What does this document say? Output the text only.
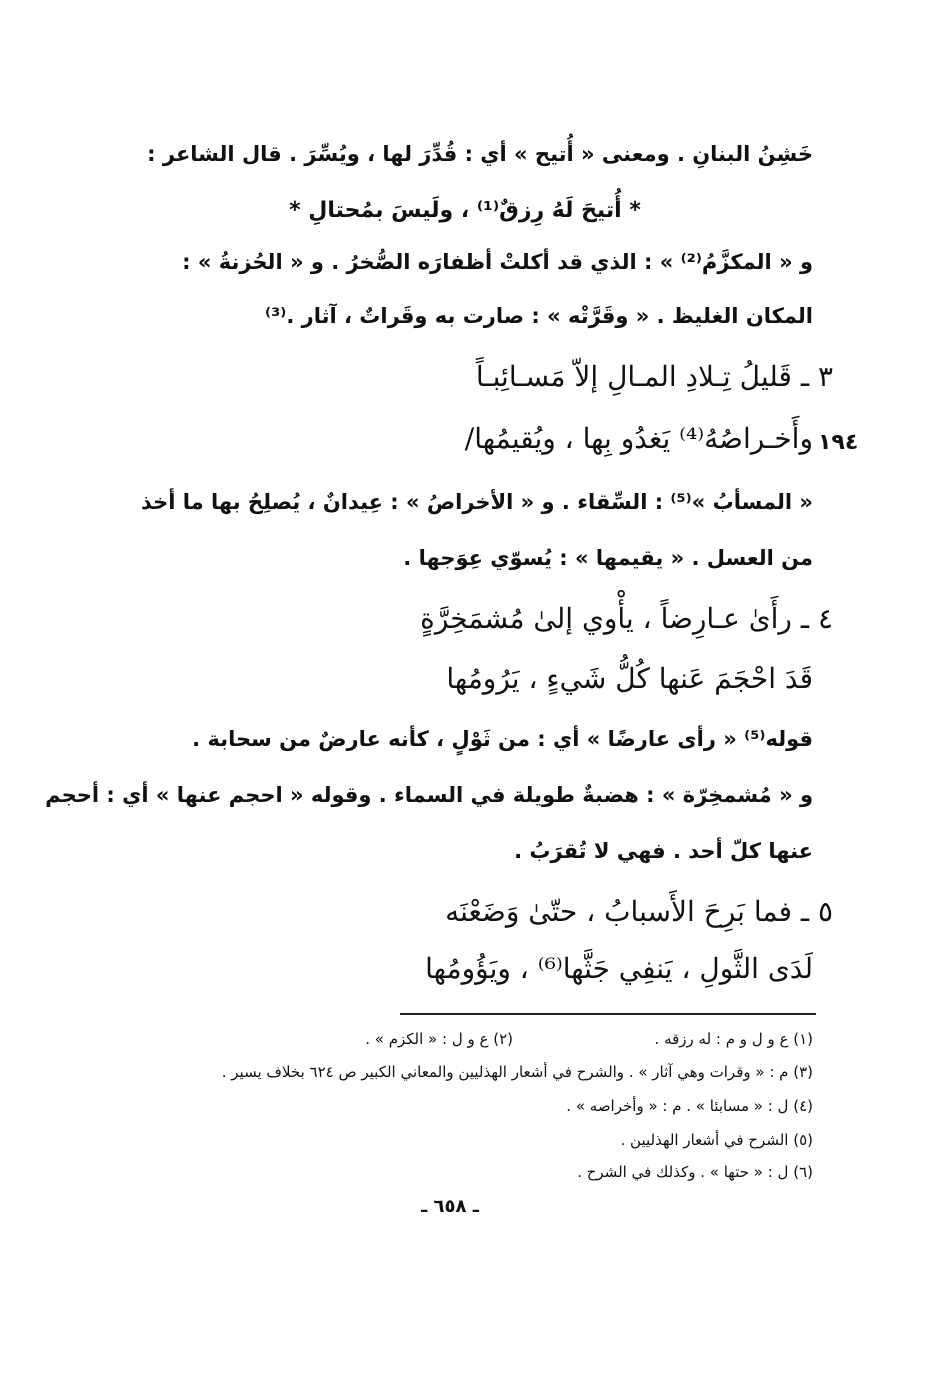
خَشِنُ البنانِ . ومعنى « أُتيح » أي : قُدِّرَ لها ، ويُسِّرَ . قال الشاعر :
* أُتيحَ لَهُ رِزقٌ⁽¹⁾ ، ولَيسَ بمُحتالِ *
و « المكزَّمُ⁽²⁾ » : الذي قد أكلتْ أظفارَه الصُّخرُ . و « الحُزنةُ » :
المكان الغليظ . « وقَرَّتْه » : صارت به وقَراتٌ ، آثار .⁽³⁾
٣ ـ قَليلُ تِـلادِ المـالِ إلاّ مَسـائِبـاً
١٩٤
وأَخـراصُهُ⁽⁴⁾ يَغدُو بِها ، ويُقيمُها/
« المسأبُ »⁽⁵⁾ : السِّقاء . و « الأخراصُ » : عِيدانٌ ، يُصلِحُ بها ما أخذ
من العسل . « يقيمها » : يُسوّي عِوَجها .
٤ ـ رأَىٰ عـارِضاً ، يأْوي إلىٰ مُشمَخِرَّةٍ
قَدَ احْجَمَ عَنها كُلُّ شَيءٍ ، يَرُومُها
قوله⁽⁵⁾ « رأى عارضًا » أي : من ثَوْلٍ ، كأنه عارضٌ من سحابة .
و « مُشمخِرّة » : هضبةٌ طويلة في السماء . وقوله « احجم عنها » أي : أحجم
عنها كلّ أحد . فهي لا تُقرَبُ .
٥ ـ فما بَرِحَ الأَسبابُ ، حتّىٰ وَضَعْنَه
لَدَى الثَّولِ ، يَنفِي جَثَّها⁽⁶⁾ ، ويَؤُومُها
(١) ع و ل و م : له رزقه .
(٢) ع و ل : « الكزم » .
(٣) م : « وقرات وهي آثار » . والشرح في أشعار الهذليين والمعاني الكبير ص ٦٢٤ بخلاف يسير .
(٤) ل : « مسابئا » . م : « وأخراصه » .
(٥) الشرح في أشعار الهذليين .
(٦) ل : « حتها » . وكذلك في الشرح .
ـ ٦٥٨ ـ
